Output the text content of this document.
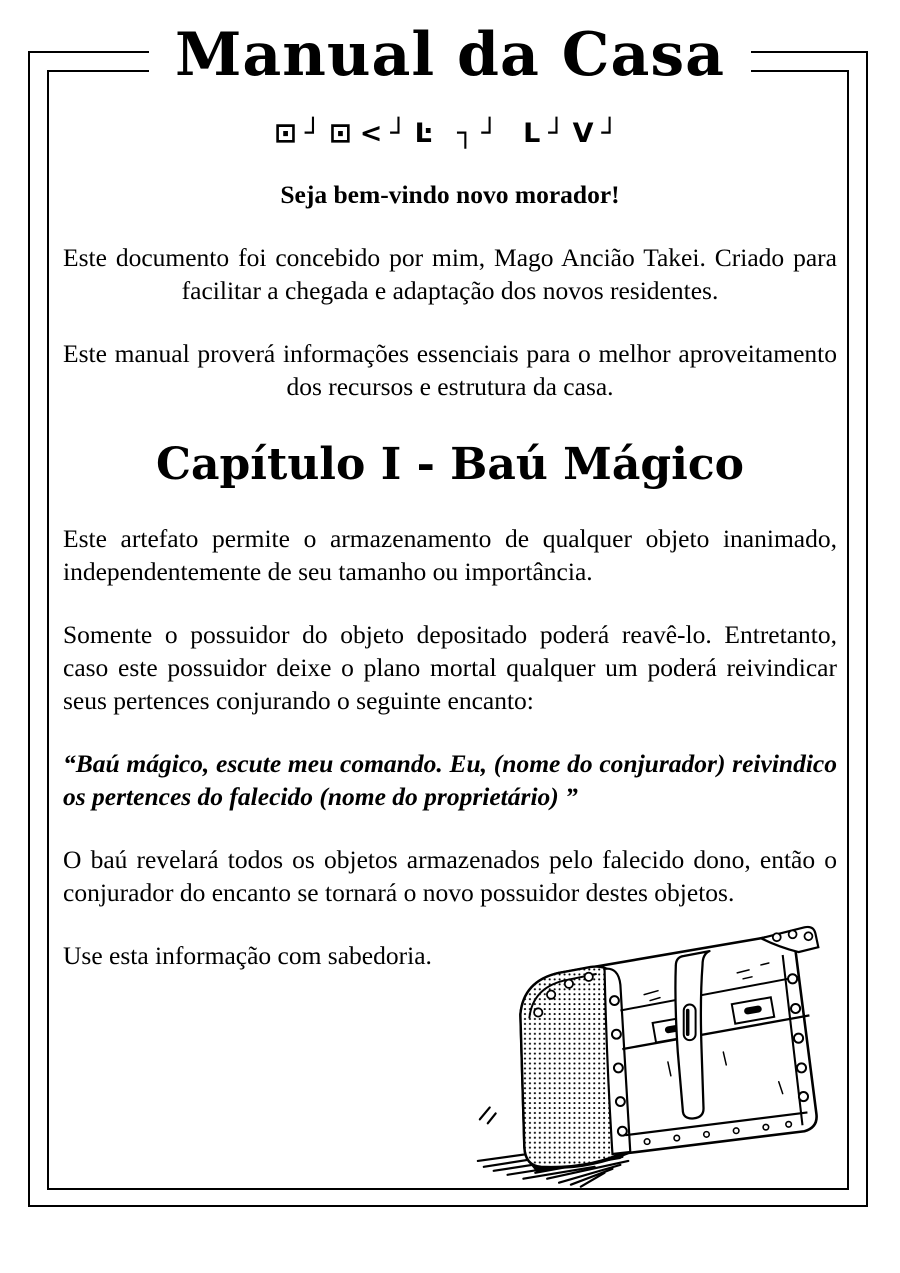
Manual da Casa
⊡┘⊡<┘Ŀ ┐┘ L┘V┘
Seja bem-vindo novo morador!

Este documento foi concebido por mim, Mago Ancião Takei. Criado para facilitar a chegada e adaptação dos novos residentes.

Este manual proverá informações essenciais para o melhor aproveitamento dos recursos e estrutura da casa.

Capítulo I - Baú Mágico

Este artefato permite o armazenamento de qualquer objeto inanimado, independentemente de seu tamanho ou importância.

Somente o possuidor do objeto depositado poderá reavê-lo. Entretanto, caso este possuidor deixe o plano mortal qualquer um poderá reivindicar seus pertences conjurando o seguinte encanto:

“Baú mágico, escute meu comando. Eu, (nome do conjurador) reivindico os pertences do falecido (nome do proprietário) ”

O baú revelará todos os objetos armazenados pelo falecido dono, então o conjurador do encanto se tornará o novo possuidor destes objetos.

Use esta informação com sabedoria.
